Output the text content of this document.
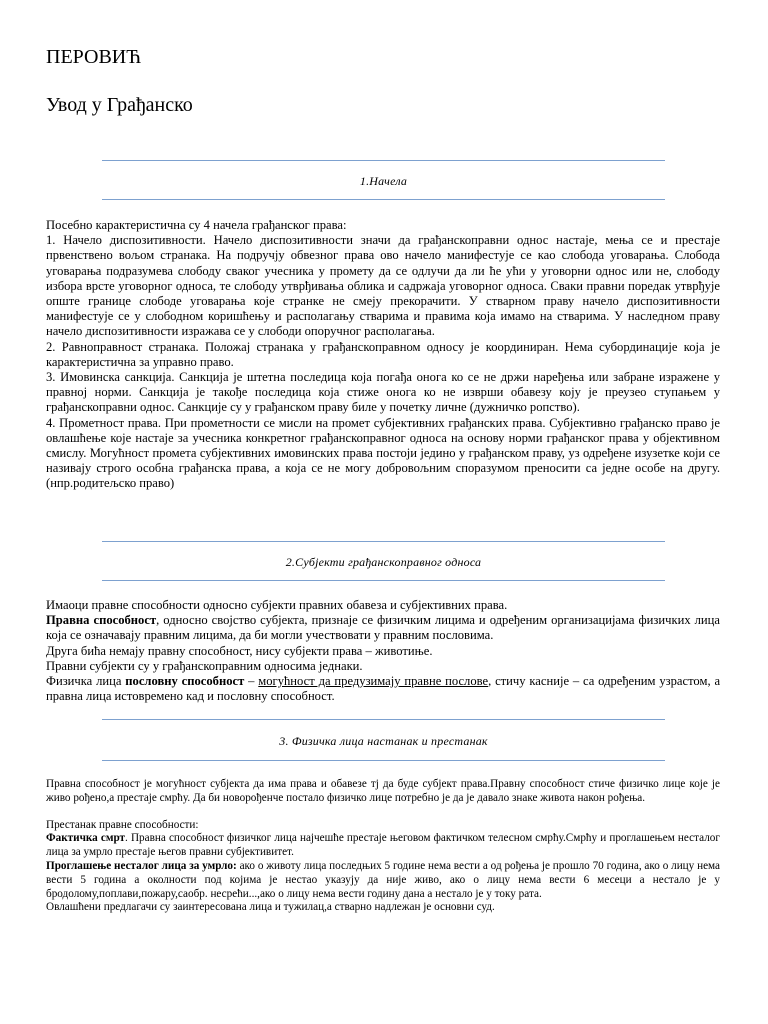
ПЕРОВИЋ
Увод у Грађанско
1.Начела

Посебно карактеристична су 4 начела грађанског права:

1. Начело диспозитивности. Начело диспозитивности значи да грађанскоправни однос настаје, мења се и престаје првенствено вољом странака. На подручју обвезног права ово начело манифестује се као слобода уговарања. Слобода уговарања подразумева слободу сваког учесника у промету да се одлучи да ли ће ући у уговорни однос или не, слободу избора врсте уговорног односа, те слободу утврђивања облика и садржаја уговорног односа. Сваки правни поредак утврђује опште границе слободе уговарања које странке не смеју прекорачити. У стварном праву начело диспозитивности манифестује се у слободном коришћењу и располагању стварима и правима која имамо на стварима. У наследном праву начело диспозитивности изражава се у слободи опоручног располагања.

2. Равноправност странака. Положај странака у грађанскоправном односу је координиран. Нема субординације која је карактеристична за управно право.

3. Имовинска санкција. Санкција је штетна последица која погађа онога ко се не држи наређења или забране изражене у правној норми. Санкција је такође последица која стиже онога ко не изврши обавезу коју је преузео ступањем у грађанскоправни однос. Санкције су у грађанском праву биле у почетку личне (дужничко ропство).

4. Прометност права. При прометности се мисли на промет субјективних грађанских права. Субјективно грађанско право је овлашћење које настаје за учесника конкретног грађанскоправног односа на основу норми грађанског права у објективном смислу. Могућност промета субјективних имовинских права постоји једино у грађанском праву, уз одређене изузетке који се називају строго особна грађанска права, а која се не могу добровољним споразумом преносити са једне особе на другу. (нпр.родитељско право)

2.Субјекти грађанскоправног односа

Имаоци правне способности односно субјекти правних обавеза и субјективних права.

Правна способност, односно својство субјекта, признаје се физичким лицима и одређеним организацијама физичких лица која се означавају правним лицима, да би могли учествовати у правним пословима.

Друга бића немају правну способност, нису субјекти права – животиње.

Правни субјекти су у грађанскоправним односима једнаки.

Физичка лица пословну способност – могућност да предузимају правне послове, стичу касније – са одређеним узрастом, а правна лица истовремено кад и пословну способност.

3. Физичка лица настанак и престанак

Правна способност је могућност субјекта да има права и обавезе тј да буде субјект права.Правну способност стиче физичко лице које је живо рођено,а престаје смрћу. Да би новорођенче постало физичко лице потребно је да је давало знаке живота након рођења.

Престанак правне способности:

Фактичка смрт. Правна способност физичког лица најчешће престаје његовом фактичком телесном смрћу.Смрћу и проглашењем несталог лица за умрло престаје његов правни субјективитет.

Проглашење несталог лица за умрло: ако о животу лица последњих 5 године нема вести а од рођења је прошло 70 година, ако о лицу нема вести 5 година а околности под којима је нестао указују да није живо, ако о лицу нема вести 6 месеци а нестало је у бродолому,поплави,пожару,саобр. несрећи...,ако о лицу нема вести годину дана а нестало је у току рата.

Овлашћени предлагачи су заинтересована лица и тужилац,а стварно надлежан је основни суд.
